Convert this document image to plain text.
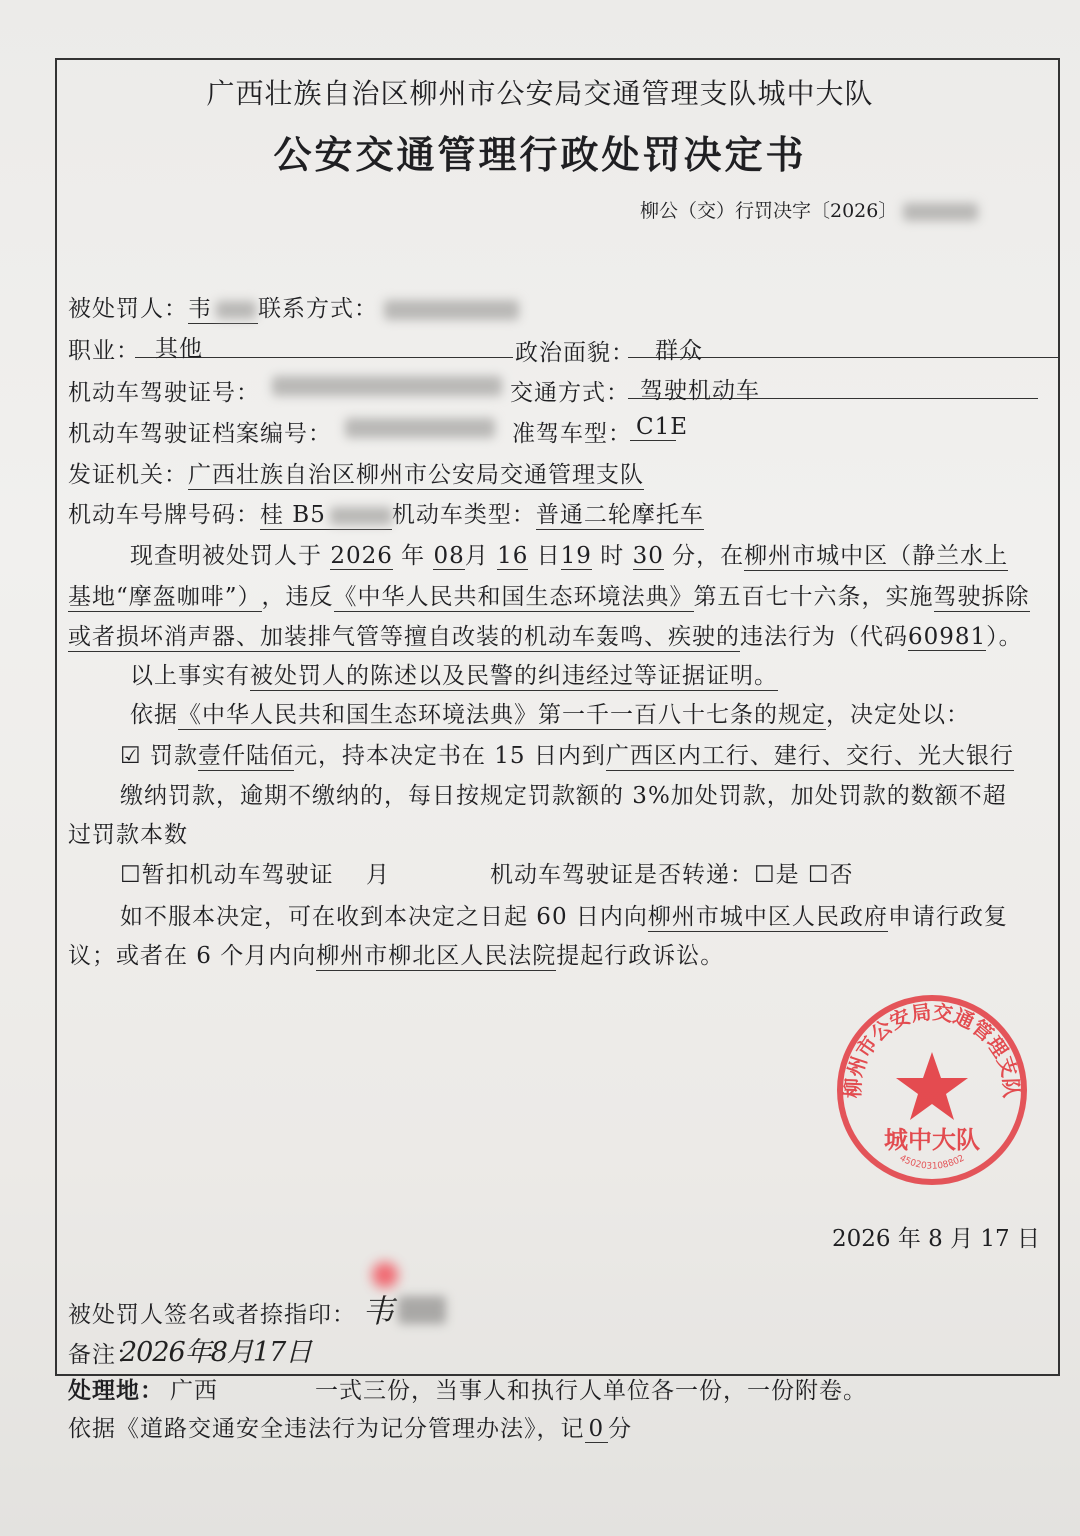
广西壮族自治区柳州市公安局交通管理支队城中大队
公安交通管理行政处罚决定书
柳公（交）行罚决字〔2026〕
被处罚人：韦 联系方式：
职业： 其他	政治面貌： 群众
机动车驾驶证号：	交通方式： 驾驶机动车
机动车驾驶证档案编号：	准驾车型： C1E
发证机关：广西壮族自治区柳州市公安局交通管理支队
机动车号牌号码：桂 B5	机动车类型：普通二轮摩托车
现查明被处罚人于 2026 年 08月 16 日19 时 30 分，在柳州市城中区（静兰水上
基地“摩盔咖啡”），违反《中华人民共和国生态环境法典》第五百七十六条，实施驾驶拆除
或者损坏消声器、加装排气管等擅自改装的机动车轰鸣、疾驶的违法行为（代码60981）。
以上事实有被处罚人的陈述以及民警的纠违经过等证据证明。
依据《中华人民共和国生态环境法典》第一千一百八十七条的规定，决定处以：
☑ 罚款壹仟陆佰元，持本决定书在 15 日内到广西区内工行、建行、交行、光大银行
缴纳罚款，逾期不缴纳的，每日按规定罚款额的 3%加处罚款，加处罚款的数额不超
过罚款本数
☐暂扣机动车驾驶证 月	机动车驾驶证是否转递：☐是 ☐否
如不服本决定，可在收到本决定之日起 60 日内向柳州市城中区人民政府申请行政复
议；或者在 6 个月内向柳州市柳北区人民法院提起行政诉讼。
柳州市公安局交通管理支队
城中大队
450203108802
2026 年 8 月 17 日
被处罚人签名或者捺指印： 韦
备注：
2026年8月17日
处理地： 广西	一式三份，当事人和执行人单位各一份，一份附卷。
依据《道路交通安全违法行为记分管理办法》，记 0 分
